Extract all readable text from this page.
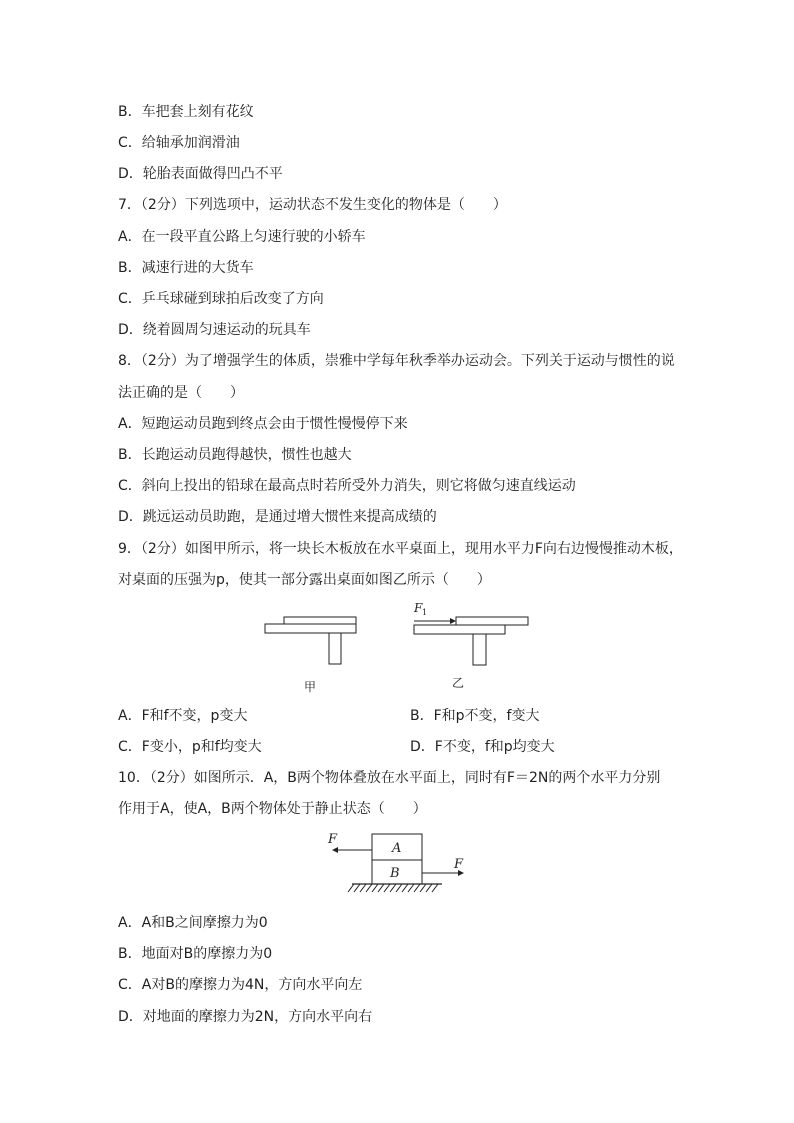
B．车把套上刻有花纹
C．给轴承加润滑油
D．轮胎表面做得凹凸不平
7．（2分）下列选项中，运动状态不发生变化的物体是（　　）
A．在一段平直公路上匀速行驶的小轿车
B．减速行进的大货车
C．乒乓球碰到球拍后改变了方向
D．绕着圆周匀速运动的玩具车
8．（2分）为了增强学生的体质，崇雅中学每年秋季举办运动会。下列关于运动与惯性的说
法正确的是（　　）
A．短跑运动员跑到终点会由于惯性慢慢停下来
B．长跑运动员跑得越快，惯性也越大
C．斜向上投出的铅球在最高点时若所受外力消失，则它将做匀速直线运动
D．跳远运动员助跑，是通过增大惯性来提高成绩的
9．（2分）如图甲所示，将一块长木板放在水平桌面上，现用水平力F向右边慢慢推动木板，
对桌面的压强为p，使其一部分露出桌面如图乙所示（　　）
甲
F 1
乙
A．F和f不变，p变大	B．F和p不变，f变大
C．F变小，p和f均变大	D．F不变，f和p均变大
10．（2分）如图所示．A，B两个物体叠放在水平面上，同时有F＝2N的两个水平力分别
作用于A，使A，B两个物体处于静止状态（　　）
F
A
B
F
A．A和B之间摩擦力为0
B．地面对B的摩擦力为0
C．A对B的摩擦力为4N，方向水平向左
D．对地面的摩擦力为2N，方向水平向右
